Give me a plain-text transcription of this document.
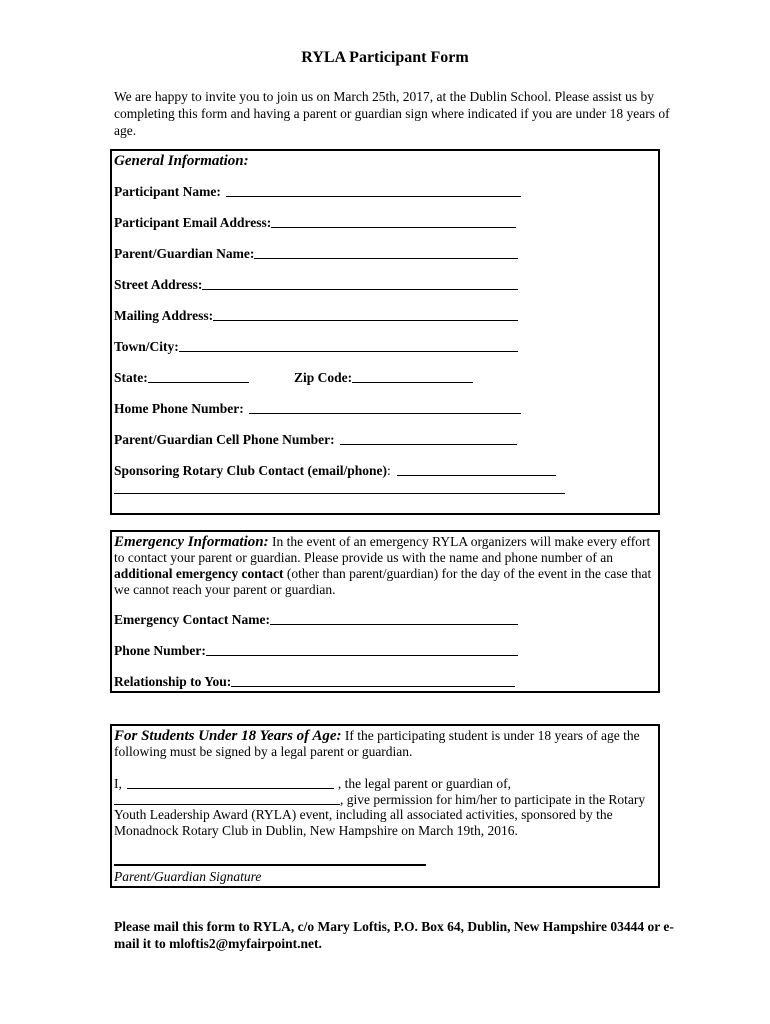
RYLA Participant Form
We are happy to invite you to join us on March 25th, 2017, at the Dublin School. Please assist us by completing this form and having a parent or guardian sign where indicated if you are under 18 years of age.
General Information:
Participant Name:
Participant Email Address:
Parent/Guardian Name:
Street Address:
Mailing Address:
Town/City:
State:	Zip Code:
Home Phone Number:
Parent/Guardian Cell Phone Number:
Sponsoring Rotary Club Contact (email/phone) :
Emergency Information: In the event of an emergency RYLA organizers will make every effort to contact your parent or guardian. Please provide us with the name and phone number of an additional emergency contact (other than parent/guardian) for the day of the event in the case that we cannot reach your parent or guardian.
Emergency Contact Name:
Phone Number:
Relationship to You:
For Students Under 18 Years of Age: If the participating student is under 18 years of age the following must be signed by a legal parent or guardian.
I,	, the legal parent or guardian of,
, give permission for him/her to participate in the Rotary
Youth Leadership Award (RYLA) event, including all associated activities, sponsored by the
Monadnock Rotary Club in Dublin, New Hampshire on March 19th, 2016.
Parent/Guardian Signature
Please mail this form to RYLA, c/o Mary Loftis, P.O. Box 64, Dublin, New Hampshire 03444 or e-mail it to mloftis2@myfairpoint.net.
